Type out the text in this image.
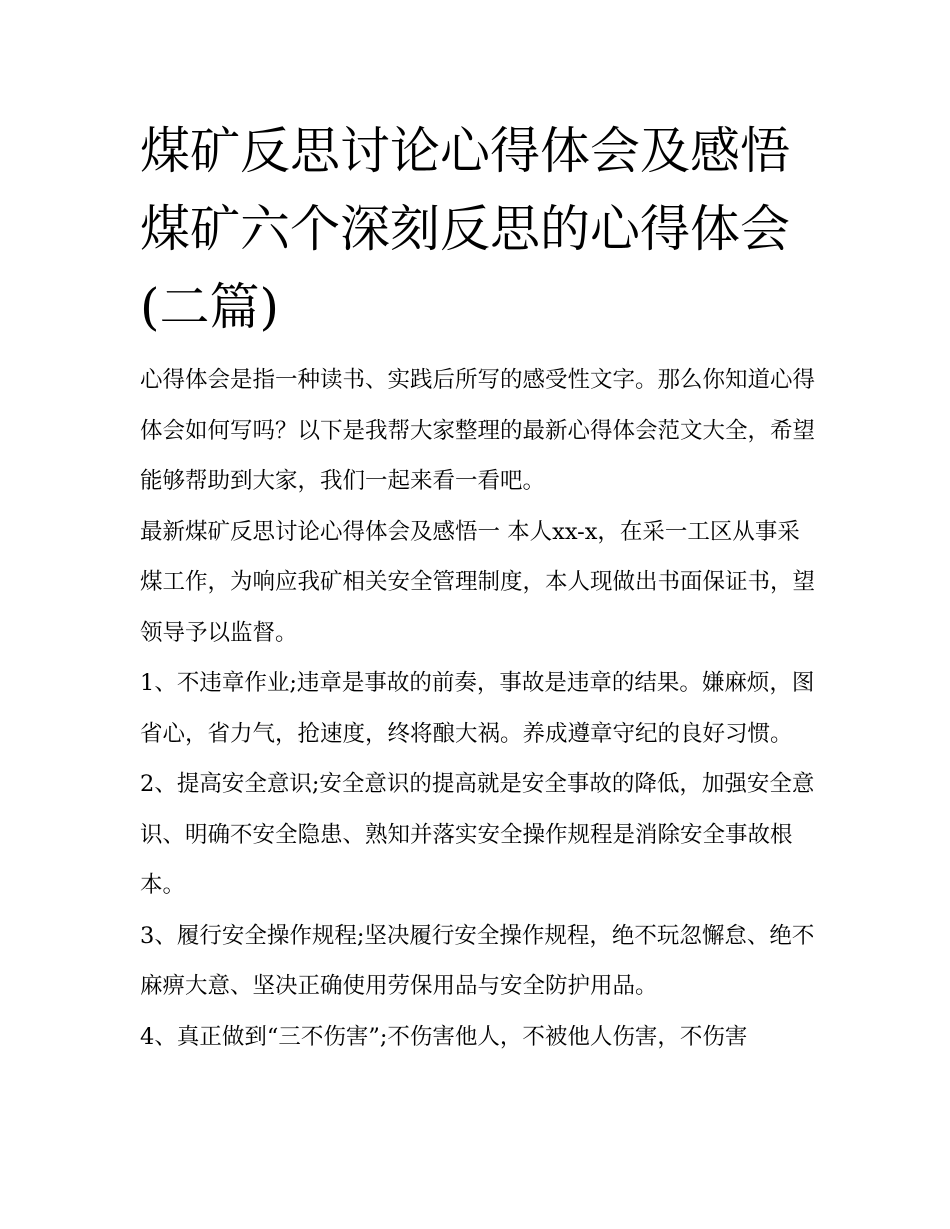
煤矿反思讨论心得体会及感悟煤矿六个深刻反思的心得体会(二篇)

心得体会是指一种读书、实践后所写的感受性文字。那么你知道心得体会如何写吗？以下是我帮大家整理的最新心得体会范文大全，希望能够帮助到大家，我们一起来看一看吧。

最新煤矿反思讨论心得体会及感悟一 本人xx-x，在采一工区从事采煤工作，为响应我矿相关安全管理制度，本人现做出书面保证书，望领导予以监督。

1、不违章作业;违章是事故的前奏，事故是违章的结果。嫌麻烦，图省心，省力气，抢速度，终将酿大祸。养成遵章守纪的良好习惯。

2、提高安全意识;安全意识的提高就是安全事故的降低，加强安全意识、明确不安全隐患、熟知并落实安全操作规程是消除安全事故根本。

3、履行安全操作规程;坚决履行安全操作规程，绝不玩忽懈怠、绝不麻痹大意、坚决正确使用劳保用品与安全防护用品。

4、真正做到“三不伤害”;不伤害他人，不被他人伤害，不伤害
